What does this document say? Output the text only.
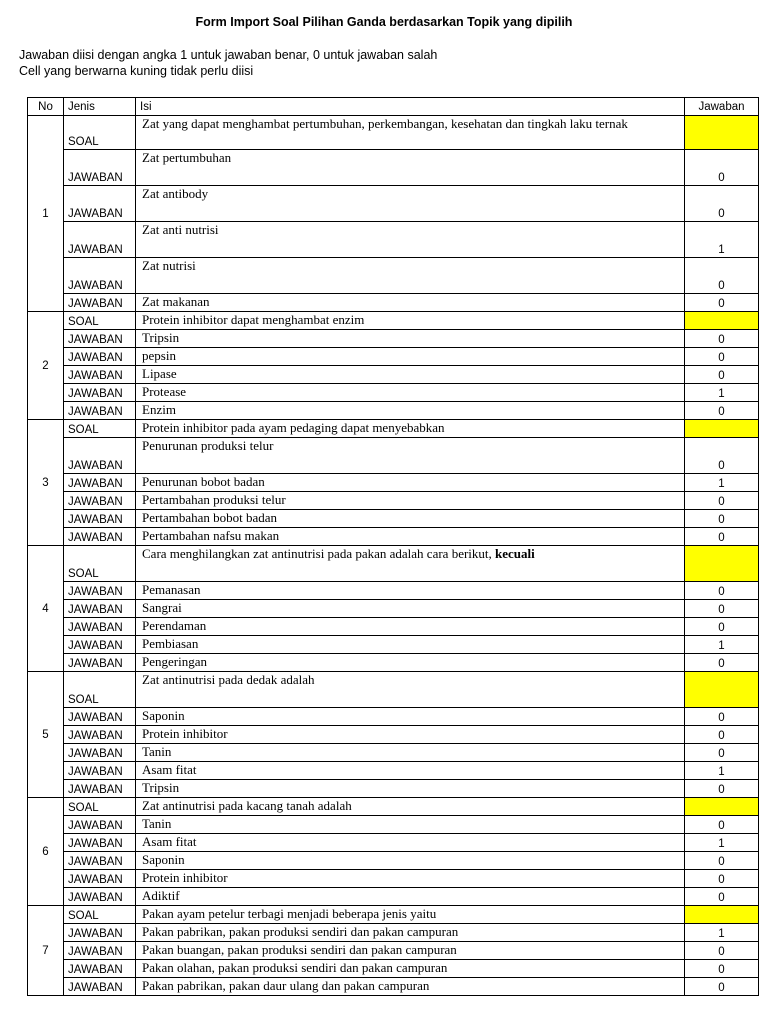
Form Import Soal Pilihan Ganda berdasarkan Topik yang dipilih
Jawaban diisi dengan angka 1 untuk jawaban benar, 0 untuk jawaban salah
Cell yang berwarna kuning tidak perlu diisi
No	Jenis	Isi	Jawaban
1	SOAL	Zat yang dapat menghambat pertumbuhan, perkembangan, kesehatan dan tingkah laku ternak	
	JAWABAN	Zat pertumbuhan	0
	JAWABAN	Zat antibody	0
	JAWABAN	Zat anti nutrisi	1
	JAWABAN	Zat nutrisi	0
	JAWABAN	Zat makanan	0
2	SOAL	Protein inhibitor dapat menghambat enzim	
	JAWABAN	Tripsin	0
	JAWABAN	pepsin	0
	JAWABAN	Lipase	0
	JAWABAN	Protease	1
	JAWABAN	Enzim	0
3	SOAL	Protein inhibitor pada ayam pedaging dapat menyebabkan	
	JAWABAN	Penurunan produksi telur	0
	JAWABAN	Penurunan bobot badan	1
	JAWABAN	Pertambahan produksi telur	0
	JAWABAN	Pertambahan bobot badan	0
	JAWABAN	Pertambahan nafsu makan	0
4	SOAL	Cara menghilangkan zat antinutrisi pada pakan adalah cara berikut, kecuali	
	JAWABAN	Pemanasan	0
	JAWABAN	Sangrai	0
	JAWABAN	Perendaman	0
	JAWABAN	Pembiasan	1
	JAWABAN	Pengeringan	0
5	SOAL	Zat antinutrisi pada dedak adalah	
	JAWABAN	Saponin	0
	JAWABAN	Protein inhibitor	0
	JAWABAN	Tanin	0
	JAWABAN	Asam fitat	1
	JAWABAN	Tripsin	0
6	SOAL	Zat antinutrisi pada kacang tanah adalah	
	JAWABAN	Tanin	0
	JAWABAN	Asam fitat	1
	JAWABAN	Saponin	0
	JAWABAN	Protein inhibitor	0
	JAWABAN	Adiktif	0
7	SOAL	Pakan ayam petelur terbagi menjadi beberapa jenis yaitu	
	JAWABAN	Pakan pabrikan, pakan produksi sendiri dan pakan campuran	1
	JAWABAN	Pakan buangan, pakan produksi sendiri dan pakan campuran	0
	JAWABAN	Pakan olahan, pakan produksi sendiri dan pakan campuran	0
	JAWABAN	Pakan pabrikan, pakan daur ulang dan pakan campuran	0
